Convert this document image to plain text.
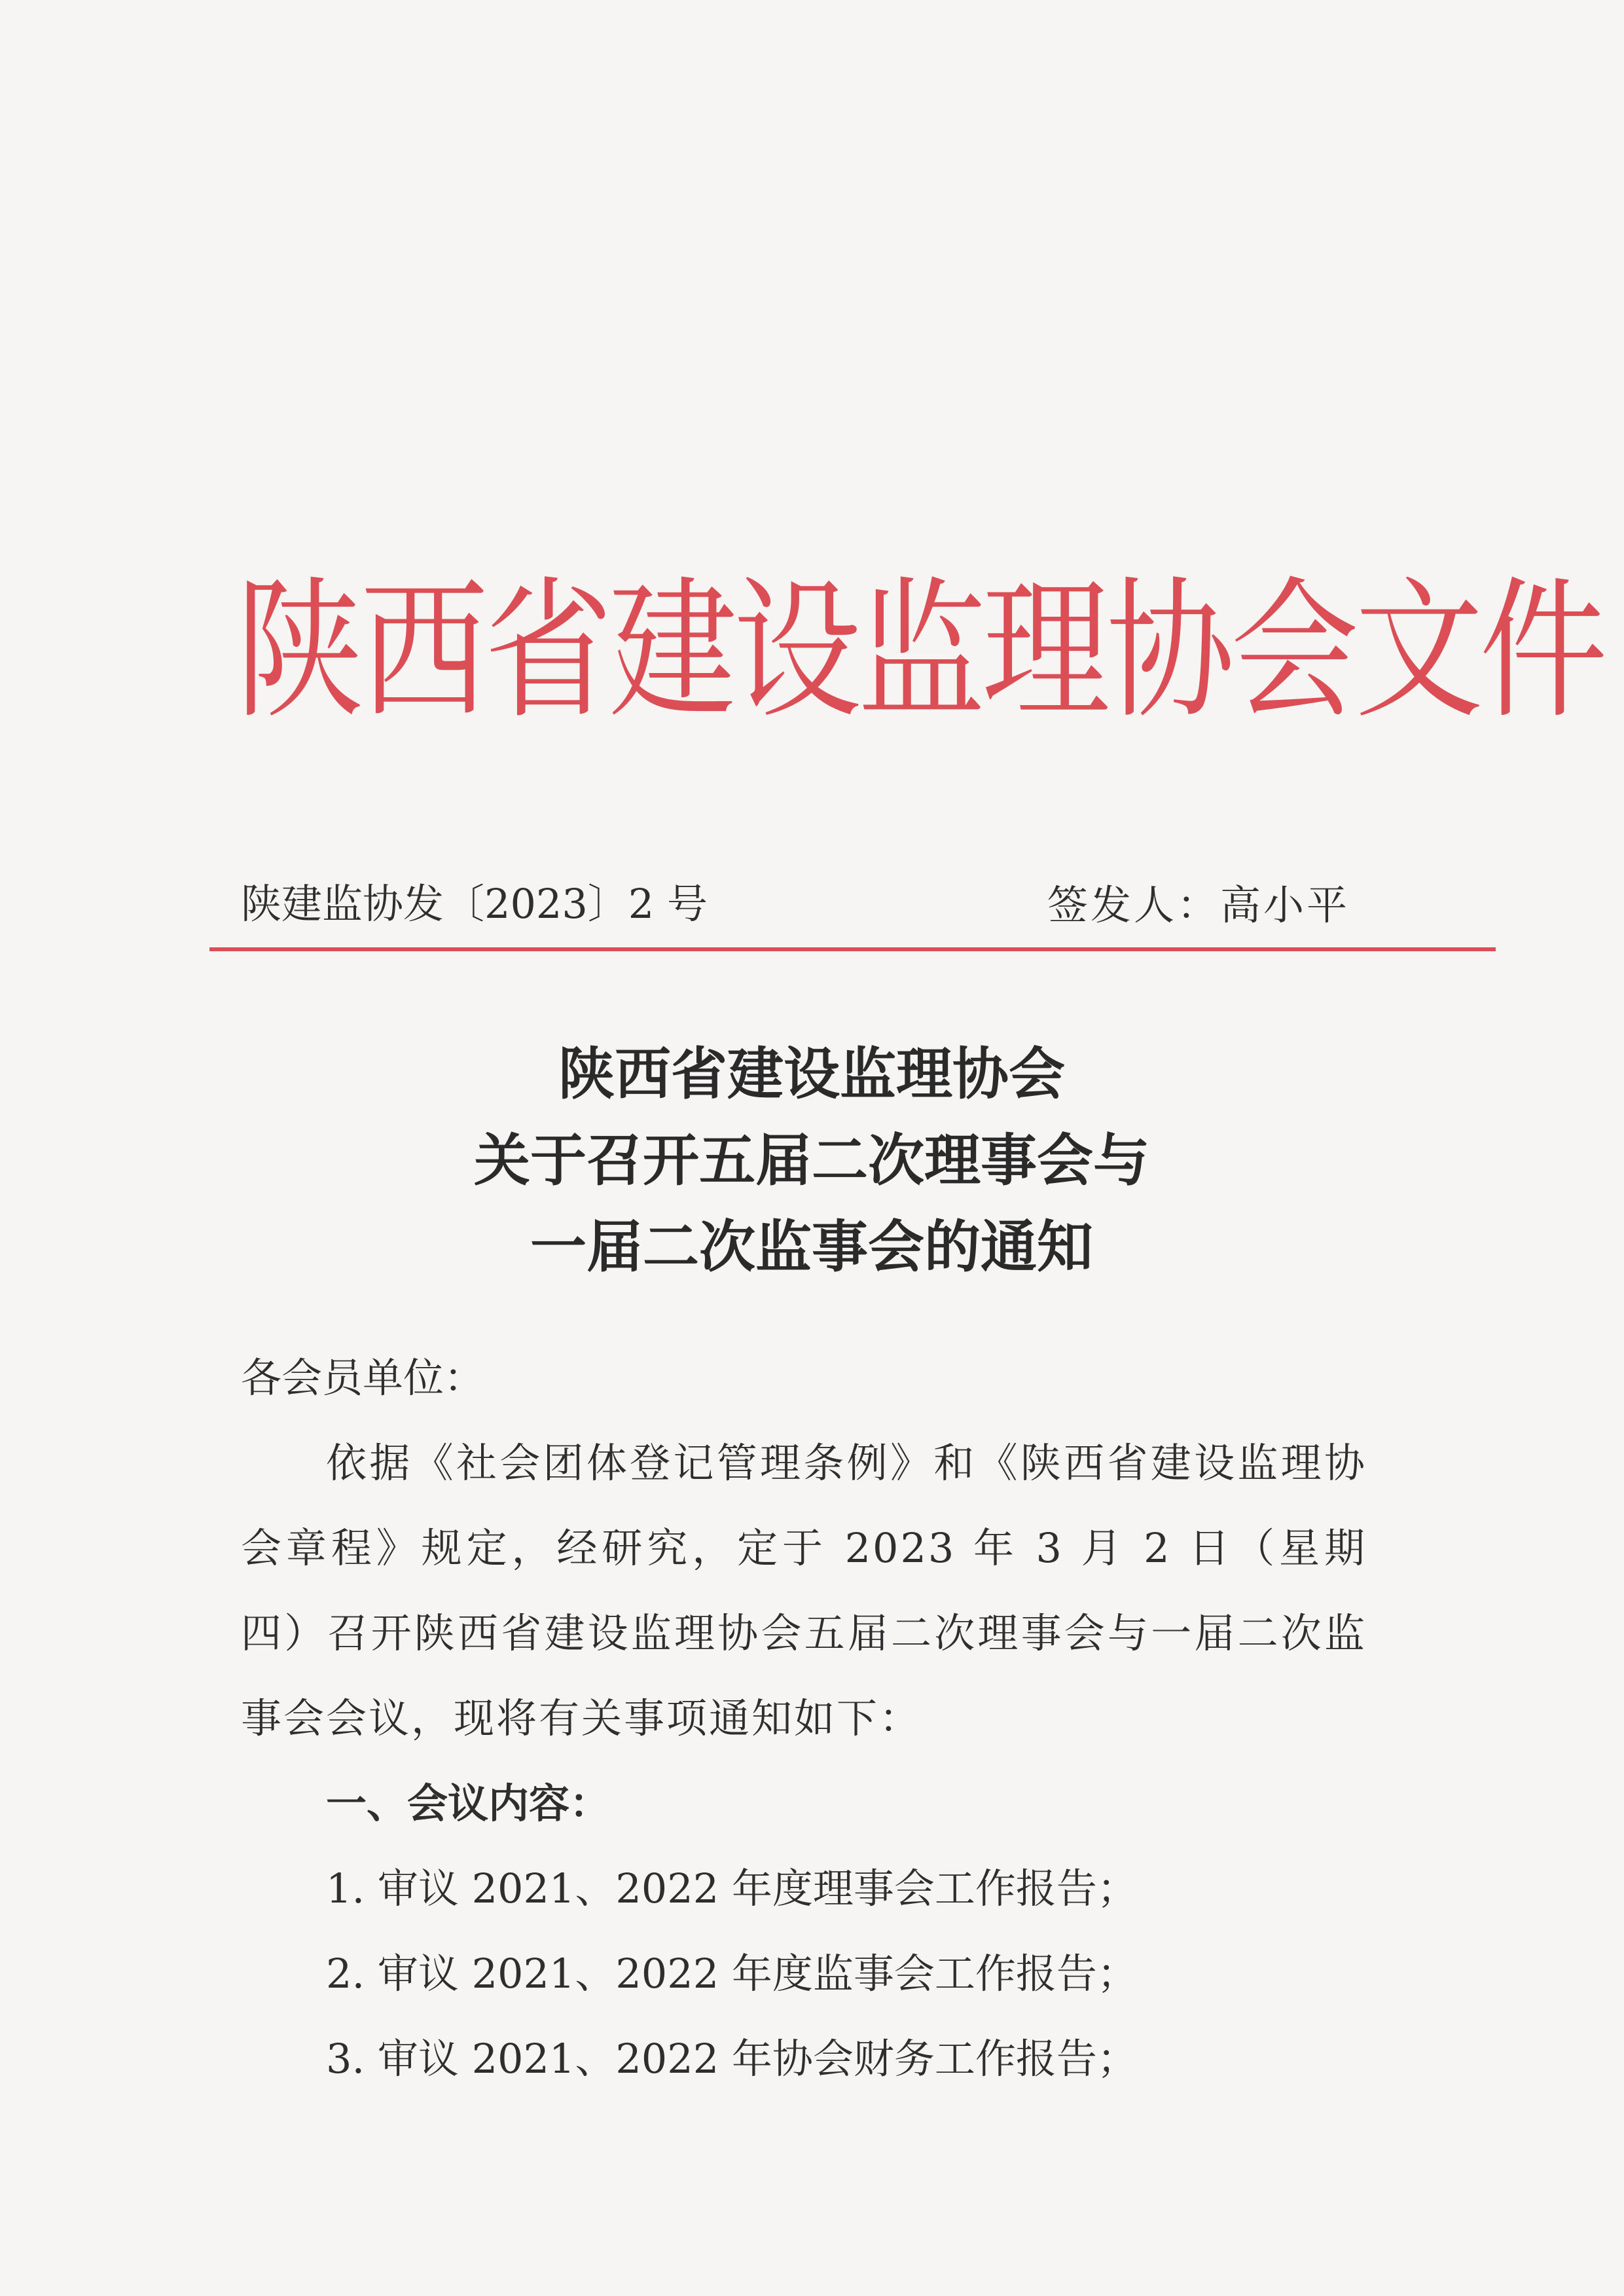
陕西省建设监理协会文件
陕建监协发〔2023〕2 号	签发人：高小平
陕西省建设监理协会
关于召开五届二次理事会与
一届二次监事会的通知
各会员单位：
依据《社会团体登记管理条例》和《陕西省建设监理协会章程》规定，经研究，定于 2023 年 3 月 2 日（星期四）召开陕西省建设监理协会五届二次理事会与一届二次监事会会议，现将有关事项通知如下：
一、会议内容：
1. 审议 2021、2022 年度理事会工作报告；
2. 审议 2021、2022 年度监事会工作报告；
3. 审议 2021、2022 年协会财务工作报告；
